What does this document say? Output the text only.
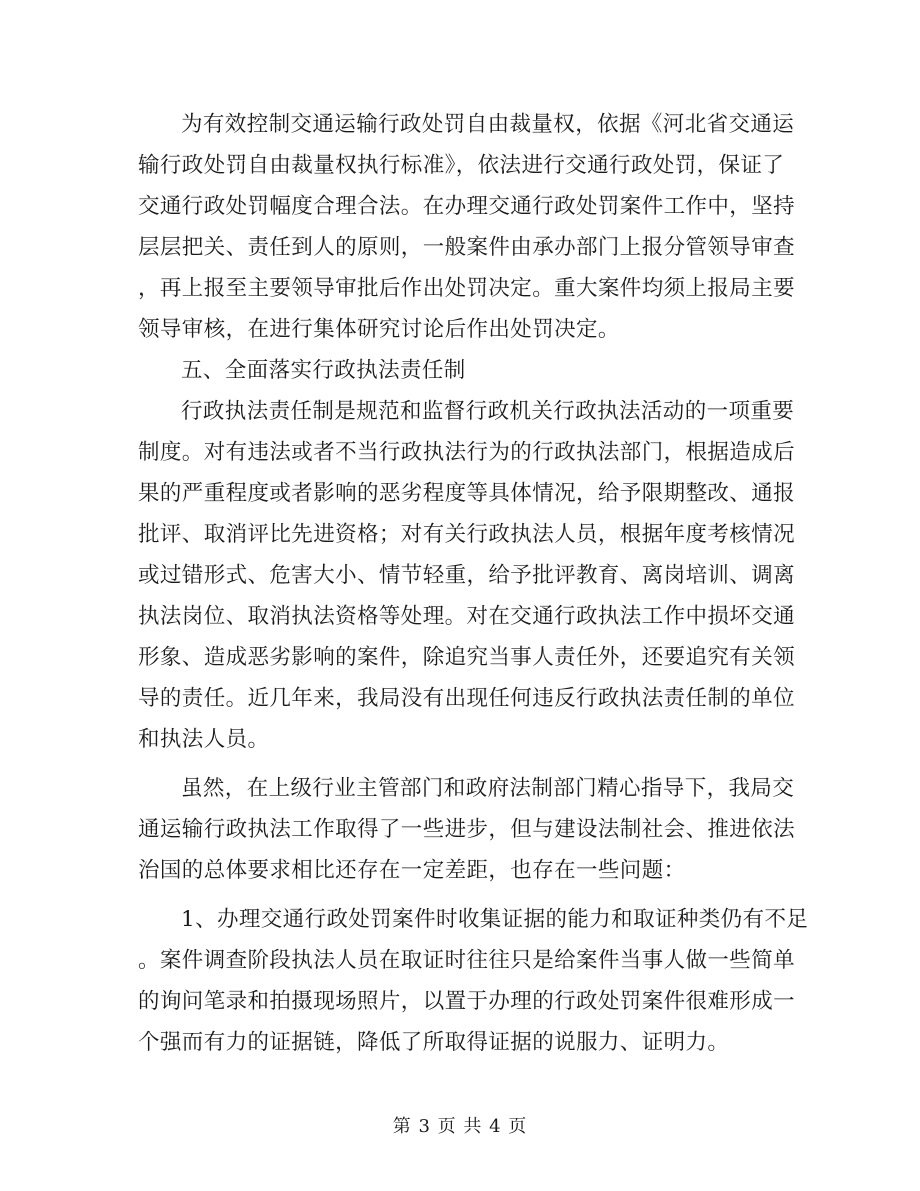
为有效控制交通运输行政处罚自由裁量权，依据《河北省交通运
输行政处罚自由裁量权执行标准》，依法进行交通行政处罚，保证了
交通行政处罚幅度合理合法。在办理交通行政处罚案件工作中，坚持
层层把关、责任到人的原则，一般案件由承办部门上报分管领导审查
，再上报至主要领导审批后作出处罚决定。重大案件均须上报局主要
领导审核，在进行集体研究讨论后作出处罚决定。
五、全面落实行政执法责任制
行政执法责任制是规范和监督行政机关行政执法活动的一项重要
制度。对有违法或者不当行政执法行为的行政执法部门，根据造成后
果的严重程度或者影响的恶劣程度等具体情况，给予限期整改、通报
批评、取消评比先进资格；对有关行政执法人员，根据年度考核情况
或过错形式、危害大小、情节轻重，给予批评教育、离岗培训、调离
执法岗位、取消执法资格等处理。对在交通行政执法工作中损坏交通
形象、造成恶劣影响的案件，除追究当事人责任外，还要追究有关领
导的责任。近几年来，我局没有出现任何违反行政执法责任制的单位
和执法人员。
虽然，在上级行业主管部门和政府法制部门精心指导下，我局交
通运输行政执法工作取得了一些进步，但与建设法制社会、推进依法
治国的总体要求相比还存在一定差距，也存在一些问题：
1、办理交通行政处罚案件时收集证据的能力和取证种类仍有不足
。案件调查阶段执法人员在取证时往往只是给案件当事人做一些简单
的询问笔录和拍摄现场照片，以置于办理的行政处罚案件很难形成一
个强而有力的证据链，降低了所取得证据的说服力、证明力。
第 3 页 共 4 页
